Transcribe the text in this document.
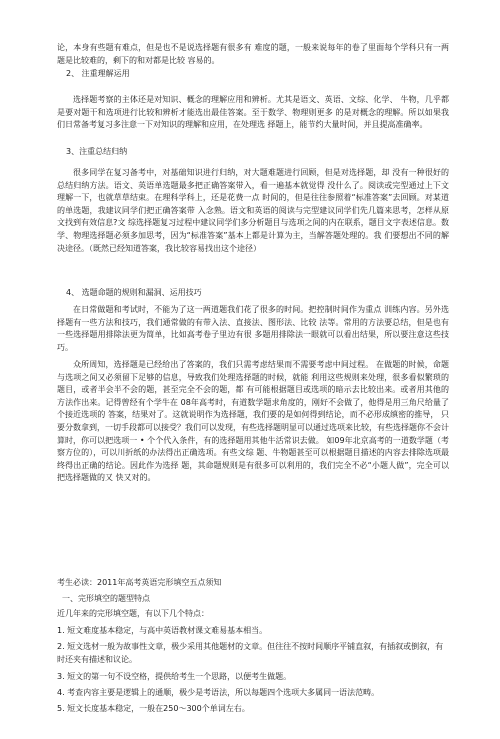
论，本身有些题有难点，但是也不是说选择题有很多有 难度的题，一般来说每年的卷了里面每个学科只有一两题是比较难的，剩下的和对都是比较 容易的。

2、 注重理解运用

选择题考察的主体还是对知识、概念的理解应用和辨析。尤其是语文、英语、文综、化学、 牛物，几乎都是要对题干和选项进行比较和辨析才能选出最佳答案。至于数学、物理则更多 的是对概念的理解。所以如果我们日常备考复习多注意一下对知识的理解和应用，在处理选 择题上，能节约大量时间，并且提高准确率。

3、注重总结归纳

很多同学在复习备考中，对基础知识进行归纳，对大题难题进行回顾，但是对选择题，却 没有一种很好的总结归纳方法。语文、英语单选题最多把正确答案带入，看一遍基本就觉得 没什么了。阅读或完型通过上下文理解一下，也就草草结束。在理科学科上，还是花费一点 时间的，但是往往参照着“标准答案”去回顾。对某道的单选题，我建议同学们把正确答案带 入念熟。语文和英语的阅读与完型建议同学们先几篇来思考，怎样从原文找到有效信息?文 综选择题复习过程中建议同学们多分析题目与选项之间的内在联系，题目文字表述信息。数 学、物理选择题必须多加思考，因为“标准答案”基本上都是计算为主，当解答题处理的。我 们要想出不同的解决途径。（既然已经知道答案，我比较容易找出这个途径）

4、 选题命题的规则和漏洞、运用技巧

在日常做题和考试时，不能为了这一两道题我们花了很多的时间。把控制时间作为重点 训练内容。另外选择题有一些方法和技巧，我们通常做的有带入法、直接法、图形法、比较 法等。常用的方法要总结，但是也有一些选择题用排除法更为简单，比如高考卷子里边有很 多题用排除法一眼就可以看出结果，所以要注意这些技巧。

众所周知，选择题是已经给出了答案的，我们只需考虑结果而不需要考虑中间过程。 在做题的时候，命题与选项之间又必须留下足够的信息，导致我们处理选择题的时候，就能 利用这些规则来处理，很多看似繁琐的题目，或者半会半不会的题，甚至完全不会的题，都 有可能根据题目或选项的暗示去比较出来。或者用其他的方法作出来。记得曾经有个学牛在 08年高考时，有道数学题求角度的，刚好不会做了，他得是用三角尺给量了个接近选项的 答案，结果对了。这就说明作为选择题，我们要的是如何得到结论，而不必形成缜密的推导， 只要分数拿到，一切手段都可以接受？我们可以发现，有些选择题明显可以通过选项来比较，有些选择题你不会计算时，你可以把选项一 • 个个代入条件，有的选择题用其他牛活常识去做。 如09年北京高考的一道数学题（考察方位的），可以川折纸的办法得出正确选项。有些文综 题、牛物题甚至可以根据题目描述的内容去排除选项最终得出正确的结论。因此作为选择 题，其命题规则是有很多可以利用的，我们完全不必“小题人做”，完全可以把选择题做的又 快又对的。

考生必读：2011年高考英语完形填空五点须知

一、完形填空的题型特点

近几年来的完形填空题，有以下几个特点：

1. 短文难度基本稳定，与高中英语教材课文难易基本相当。

2. 短文选材一般为故事性文章，极少采用其他题材的文章。但往往不按时间顺序平铺直叙，有插叙或倒叙，有时还夹有描述和议论。

3. 短文的第一句不设空格，提供给考生一个思路，以便考生做题。

4. 考查内容主要是逻辑上的通顺，极少是考语法，所以每题四个选项大多属同一语法范畴。

5. 短文长度基本稳定，一般在250～300个单词左右。
